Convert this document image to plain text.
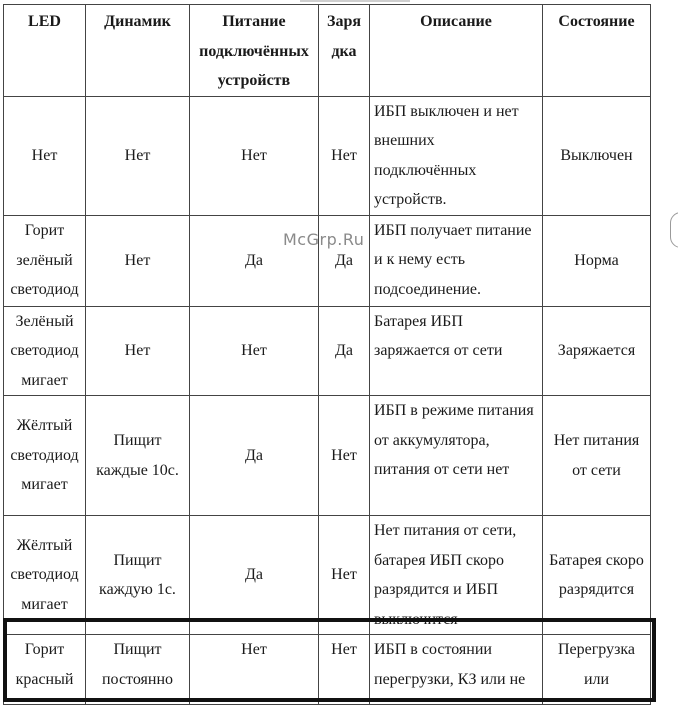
LED	Динамик	Питание подключённых устройств	Заря дка	Описание	Состояние
Нет	Нет	Нет	Нет	ИБП выключен и нет внешних подключённых устройств.	Выключен
Горит зелёный светодиод	Нет	Да	Да	ИБП получает питание и к нему есть подсоединение.	Норма
Зелёный светодиод мигает	Нет	Нет	Да	Батарея ИБП заряжается от сети	Заряжается
Жёлтый светодиод мигает	Пищит каждые 10с.	Да	Нет	ИБП в режиме питания от аккумулятора, питания от сети нет	Нет питания от сети
Жёлтый светодиод мигает	Пищит каждую 1с.	Да	Нет	Нет питания от сети, батарея ИБП скоро разрядится и ИБП выключится	Батарея скоро разрядится
Горит красный	Пищит постоянно	Нет	Нет	ИБП в состоянии перегрузки, КЗ или не	Перегрузка или
McGrp.Ru
